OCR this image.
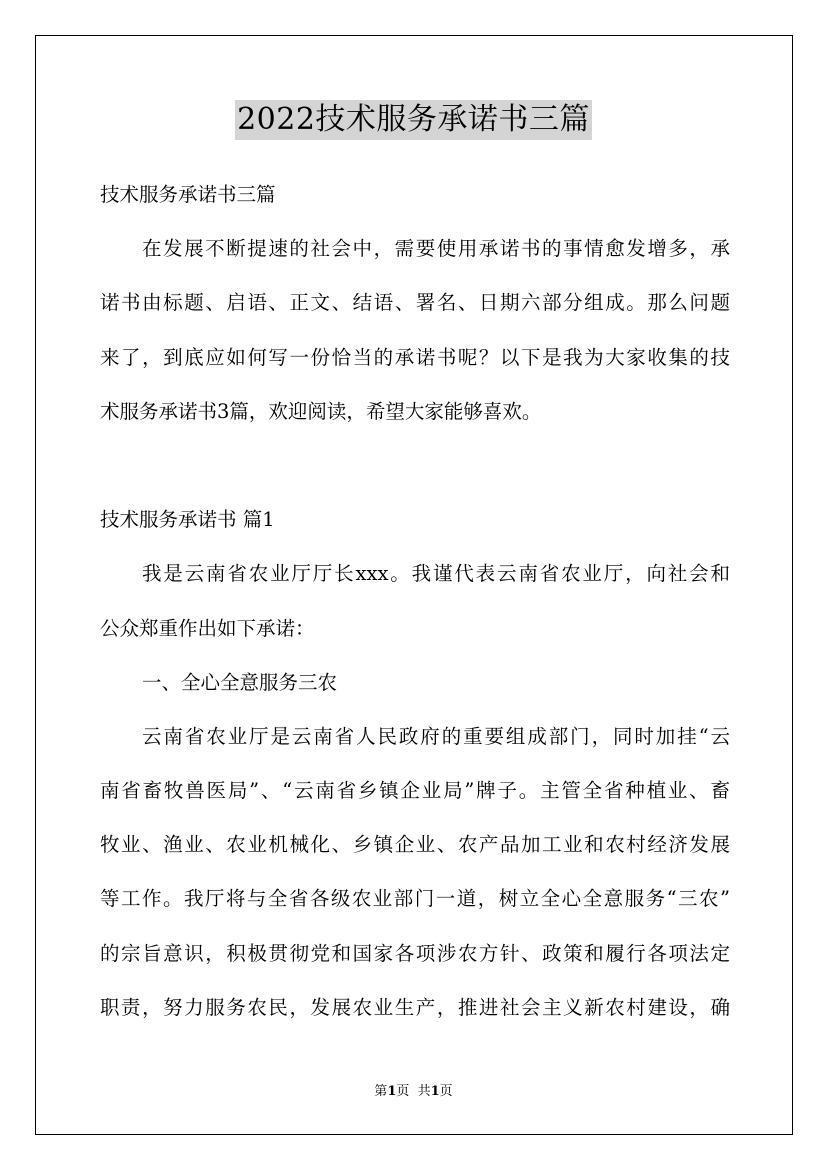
2022技术服务承诺书三篇
技术服务承诺书三篇
在发展不断提速的社会中，需要使用承诺书的事情愈发增多，承
诺书由标题、启语、正文、结语、署名、日期六部分组成。那么问题
来了，到底应如何写一份恰当的承诺书呢？以下是我为大家收集的技
术服务承诺书3篇，欢迎阅读，希望大家能够喜欢。
技术服务承诺书 篇1
我是云南省农业厅厅长xxx。我谨代表云南省农业厅，向社会和
公众郑重作出如下承诺：
一、全心全意服务三农
云南省农业厅是云南省人民政府的重要组成部门，同时加挂“云
南省畜牧兽医局”、“云南省乡镇企业局”牌子。主管全省种植业、畜
牧业、渔业、农业机械化、乡镇企业、农产品加工业和农村经济发展
等工作。我厅将与全省各级农业部门一道，树立全心全意服务“三农”
的宗旨意识，积极贯彻党和国家各项涉农方针、政策和履行各项法定
职责，努力服务农民，发展农业生产，推进社会主义新农村建设，确
第1页  共1页
